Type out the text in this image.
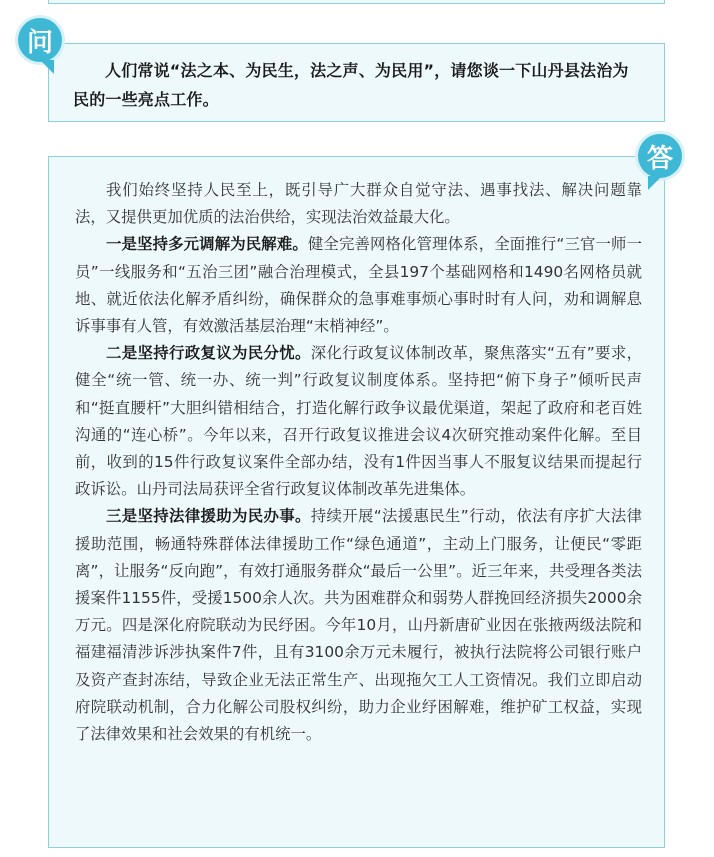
人们常说“法之本、为民生，法之声、为民用”，请您谈一下山丹县法治为民的一些亮点工作。

问

我们始终坚持人民至上，既引导广大群众自觉守法、遇事找法、解决问题靠法，又提供更加优质的法治供给，实现法治效益最大化。

一是坚持多元调解为民解难。健全完善网格化管理体系，全面推行“三官一师一员”一线服务和“五治三团”融合治理模式，全县197个基础网格和1490名网格员就地、就近依法化解矛盾纠纷，确保群众的急事难事烦心事时时有人问，劝和调解息诉事事有人管，有效激活基层治理“末梢神经”。

二是坚持行政复议为民分忧。深化行政复议体制改革，聚焦落实“五有”要求，健全“统一管、统一办、统一判”行政复议制度体系。坚持把“俯下身子”倾听民声和“挺直腰杆”大胆纠错相结合，打造化解行政争议最优渠道，架起了政府和老百姓沟通的“连心桥”。今年以来，召开行政复议推进会议4次研究推动案件化解。至目前，收到的15件行政复议案件全部办结，没有1件因当事人不服复议结果而提起行政诉讼。山丹司法局获评全省行政复议体制改革先进集体。

三是坚持法律援助为民办事。持续开展“法援惠民生”行动，依法有序扩大法律援助范围，畅通特殊群体法律援助工作“绿色通道”，主动上门服务，让便民“零距离”，让服务“反向跑”，有效打通服务群众“最后一公里”。近三年来，共受理各类法援案件1155件，受援1500余人次。共为困难群众和弱势人群挽回经济损失2000余万元。四是深化府院联动为民纾困。今年10月，山丹新唐矿业因在张掖两级法院和福建福清涉诉涉执案件7件，且有3100余万元未履行，被执行法院将公司银行账户及资产查封冻结，导致企业无法正常生产、出现拖欠工人工资情况。我们立即启动府院联动机制，合力化解公司股权纠纷，助力企业纾困解难，维护矿工权益，实现了法律效果和社会效果的有机统一。

答
